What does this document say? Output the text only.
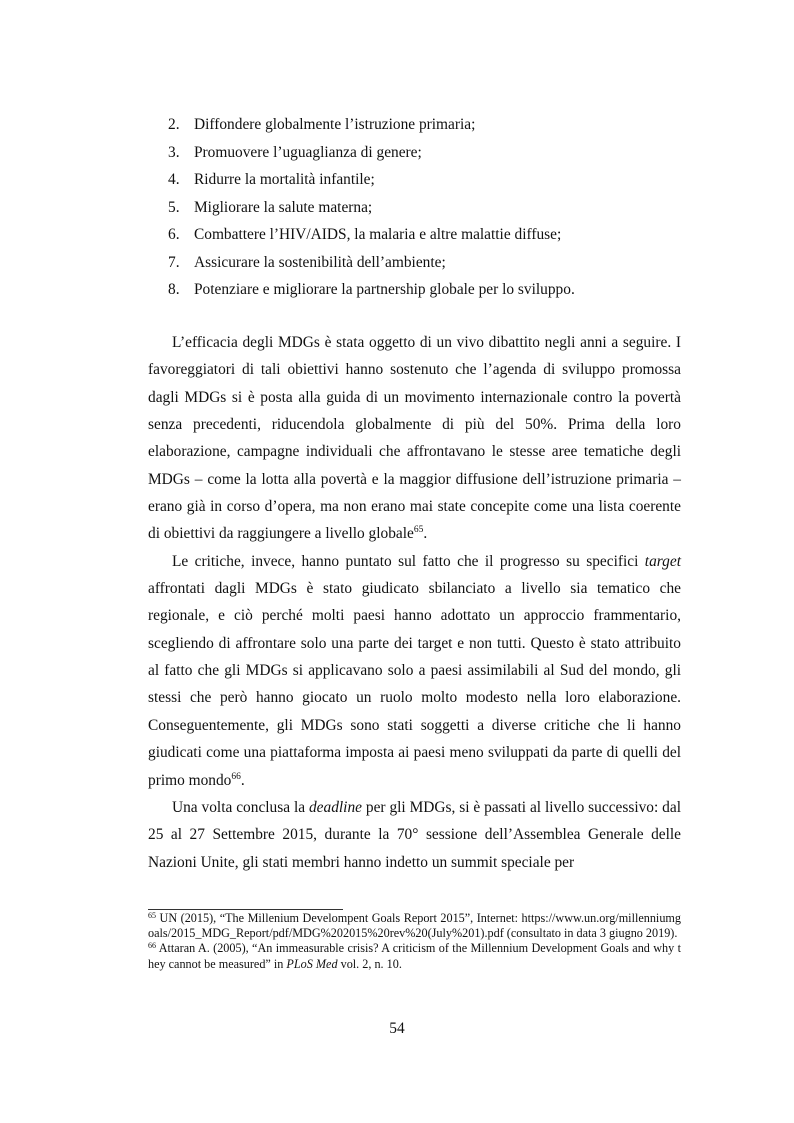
2. Diffondere globalmente l’istruzione primaria;
3. Promuovere l’uguaglianza di genere;
4. Ridurre la mortalità infantile;
5. Migliorare la salute materna;
6. Combattere l’HIV/AIDS, la malaria e altre malattie diffuse;
7. Assicurare la sostenibilità dell’ambiente;
8. Potenziare e migliorare la partnership globale per lo sviluppo.

L’efficacia degli MDGs è stata oggetto di un vivo dibattito negli anni a seguire. I favoreggiatori di tali obiettivi hanno sostenuto che l’agenda di sviluppo promossa dagli MDGs si è posta alla guida di un movimento internazionale contro la povertà senza precedenti, riducendola globalmente di più del 50%. Prima della loro elaborazione, campagne individuali che affrontavano le stesse aree tematiche degli MDGs – come la lotta alla povertà e la maggior diffusione dell’istruzione primaria – erano già in corso d’opera, ma non erano mai state concepite come una lista coerente di obiettivi da raggiungere a livello globale$^{65}$.

Le critiche, invece, hanno puntato sul fatto che il progresso su specifici target affrontati dagli MDGs è stato giudicato sbilanciato a livello sia tematico che regionale, e ciò perché molti paesi hanno adottato un approccio frammentario, scegliendo di affrontare solo una parte dei target e non tutti. Questo è stato attribuito al fatto che gli MDGs si applicavano solo a paesi assimilabili al Sud del mondo, gli stessi che però hanno giocato un ruolo molto modesto nella loro elaborazione. Conseguentemente, gli MDGs sono stati soggetti a diverse critiche che li hanno giudicati come una piattaforma imposta ai paesi meno sviluppati da parte di quelli del primo mondo$^{66}$.

Una volta conclusa la deadline per gli MDGs, si è passati al livello successivo: dal 25 al 27 Settembre 2015, durante la 70° sessione dell’Assemblea Generale delle Nazioni Unite, gli stati membri hanno indetto un summit speciale per

$^{65}$ UN (2015), “The Millenium Develompent Goals Report 2015”, Internet: https://www.un.org/millenniumgoals/2015_MDG_Report/pdf/MDG%202015%20rev%20(July%201).pdf (consultato in data 3 giugno 2019).

$^{66}$ Attaran A. (2005), “An immeasurable crisis? A criticism of the Millennium Development Goals and why they cannot be measured” in PLoS Med vol. 2, n. 10.

54
